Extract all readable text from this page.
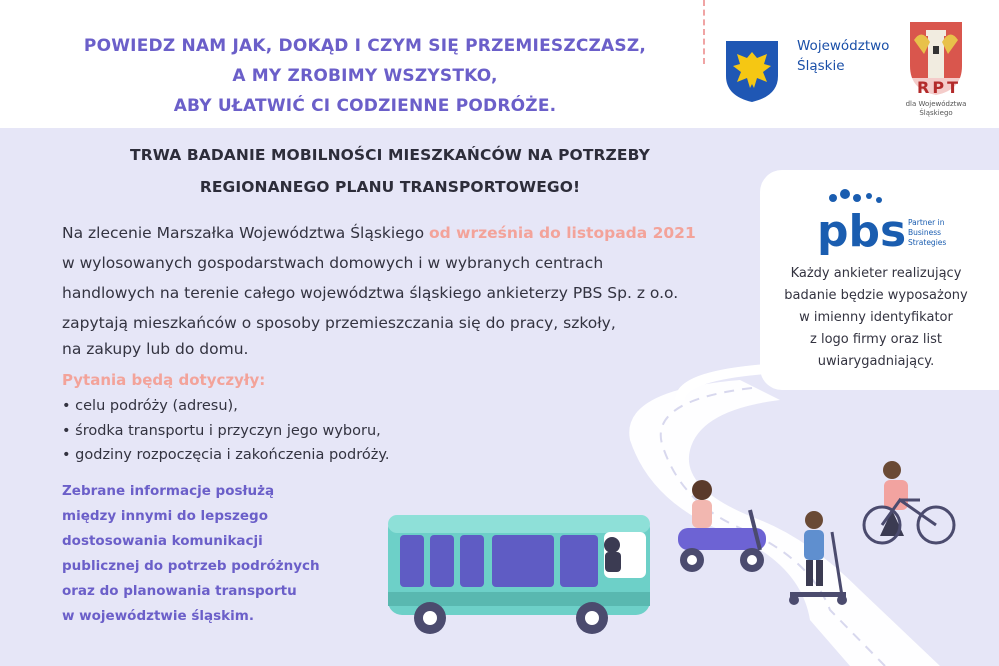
POWIEDZ NAM JAK, DOKĄD I CZYM SIĘ PRZEMIESZCZASZ,
A MY ZROBIMY WSZYSTKO,
ABY UŁATWIĆ CI CODZIENNE PODRÓŻE.
Województwo
Śląskie
RPT
dla Województwa
Śląskiego
TRWA BADANIE MOBILNOŚCI MIESZKAŃCÓW NA POTRZEBY
REGIONANEGO PLANU TRANSPORTOWEGO!
Na zlecenie Marszałka Województwa Śląskiego od września do listopada 2021
w wylosowanych gospodarstwach domowych i w wybranych centrach
handlowych na terenie całego województwa śląskiego ankieterzy PBS Sp. z o.o.
zapytają mieszkańców o sposoby przemieszczania się do pracy, szkoły,
na zakupy lub do domu.
Pytania będą dotyczyły:
• celu podróży (adresu),
• środka transportu i przyczyn jego wyboru,
• godziny rozpoczęcia i zakończenia podróży.
Zebrane informacje posłużą
między innymi do lepszego
dostosowania komunikacji
publicznej do potrzeb podróżnych
oraz do planowania transportu
w województwie śląskim.
pbs Partner in
Business
Strategies
Każdy ankieter realizujący
badanie będzie wyposażony
w imienny identyfikator
z logo firmy oraz list
uwiarygadniający.
